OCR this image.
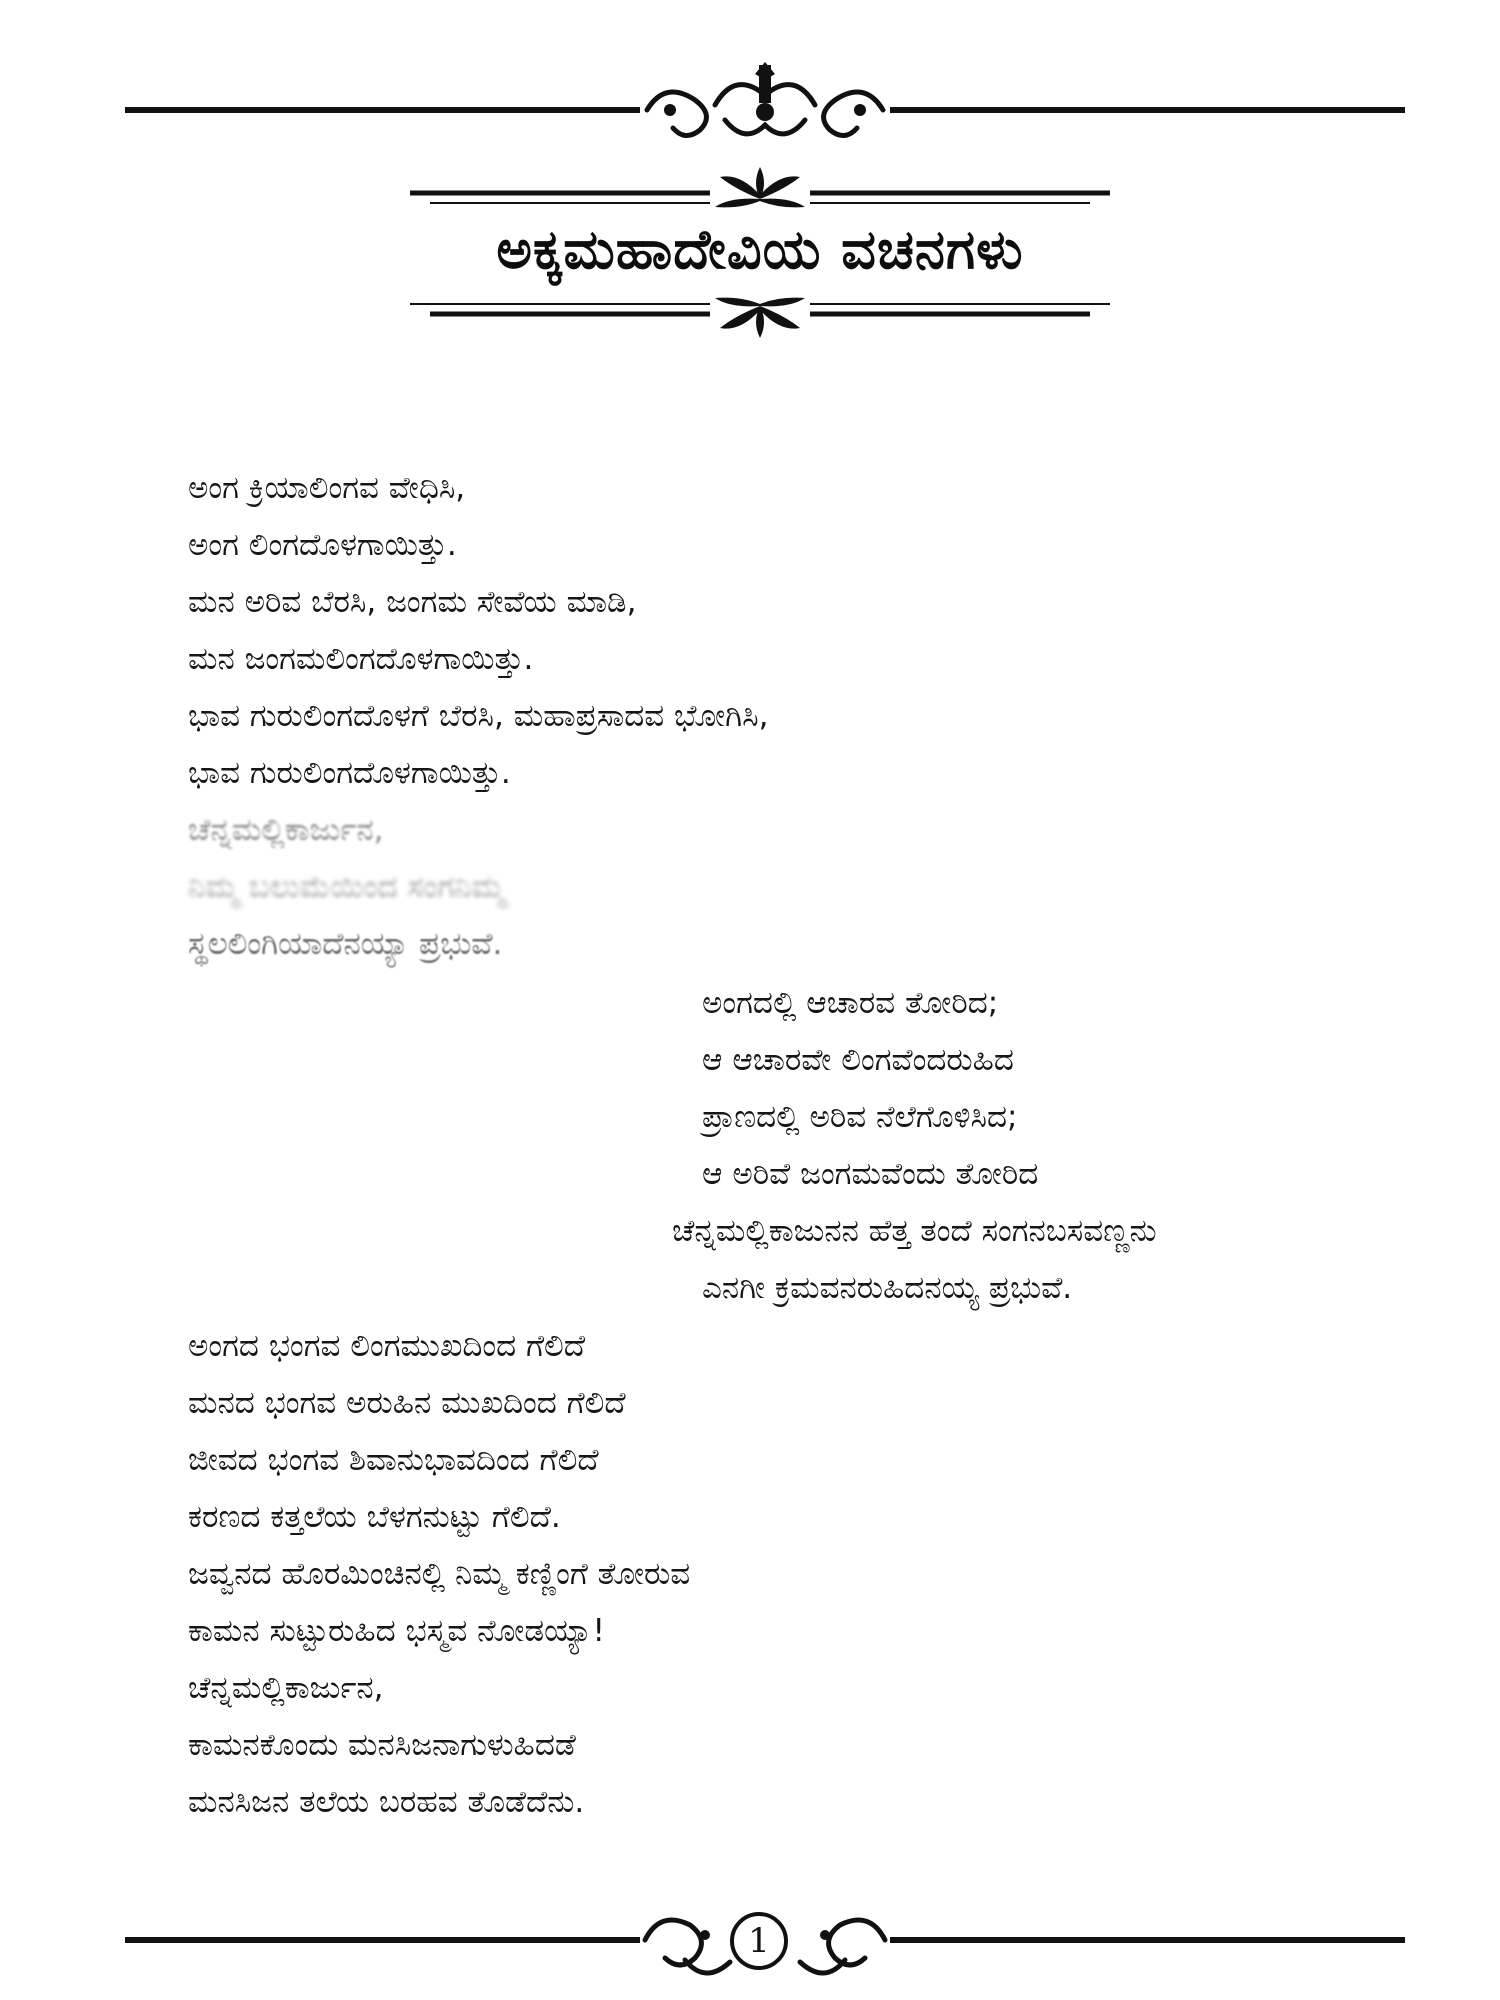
ಅಕ್ಕಮಹಾದೇವಿಯ ವಚನಗಳು
ಅಂಗ ಕ್ರಿಯಾಲಿಂಗವ ವೇಧಿಸಿ,
ಅಂಗ ಲಿಂಗದೊಳಗಾಯಿತ್ತು.
ಮನ ಅರಿವ ಬೆರಸಿ, ಜಂಗಮ ಸೇವೆಯ ಮಾಡಿ,
ಮನ ಜಂಗಮಲಿಂಗದೊಳಗಾಯಿತ್ತು.
ಭಾವ ಗುರುಲಿಂಗದೊಳಗೆ ಬೆರಸಿ, ಮಹಾಪ್ರಸಾದವ ಭೋಗಿಸಿ,
ಭಾವ ಗುರುಲಿಂಗದೊಳಗಾಯಿತ್ತು.
ಚೆನ್ನಮಲ್ಲಿಕಾರ್ಜುನ,
ನಿಮ್ಮ ಬಲುಮೆಯಿಂದ ಸಂಗನಿಮ್ಮ
ಸ್ಥಲಲಿಂಗಿಯಾದೆನಯ್ಯಾ ಪ್ರಭುವೆ.
ಅಂಗದಲ್ಲಿ ಆಚಾರವ ತೋರಿದ;
ಆ ಆಚಾರವೇ ಲಿಂಗವೆಂದರುಹಿದ
ಪ್ರಾಣದಲ್ಲಿ ಅರಿವ ನೆಲೆಗೊಳಿಸಿದ;
ಆ ಅರಿವೆ ಜಂಗಮವೆಂದು ತೋರಿದ
ಚೆನ್ನಮಲ್ಲಿಕಾಜುನನ ಹೆತ್ತ ತಂದೆ ಸಂಗನಬಸವಣ್ಣನು
ಎನಗೀ ಕ್ರಮವನರುಹಿದನಯ್ಯ ಪ್ರಭುವೆ.
ಅಂಗದ ಭಂಗವ ಲಿಂಗಮುಖದಿಂದ ಗೆಲಿದೆ
ಮನದ ಭಂಗವ ಅರುಹಿನ ಮುಖದಿಂದ ಗೆಲಿದೆ
ಜೀವದ ಭಂಗವ ಶಿವಾನುಭಾವದಿಂದ ಗೆಲಿದೆ
ಕರಣದ ಕತ್ತಲೆಯ ಬೆಳಗನುಟ್ಟು ಗೆಲಿದೆ.
ಜವ್ವನದ ಹೊರಮಿಂಚಿನಲ್ಲಿ ನಿಮ್ಮ ಕಣ್ಣಿಂಗೆ ತೋರುವ
ಕಾಮನ ಸುಟ್ಟುರುಹಿದ ಭಸ್ಮವ ನೋಡಯ್ಯಾ!
ಚೆನ್ನಮಲ್ಲಿಕಾರ್ಜುನ,
ಕಾಮನಕೊಂದು ಮನಸಿಜನಾಗುಳುಹಿದಡೆ
ಮನಸಿಜನ ತಲೆಯ ಬರಹವ ತೊಡೆದೆನು.
1
